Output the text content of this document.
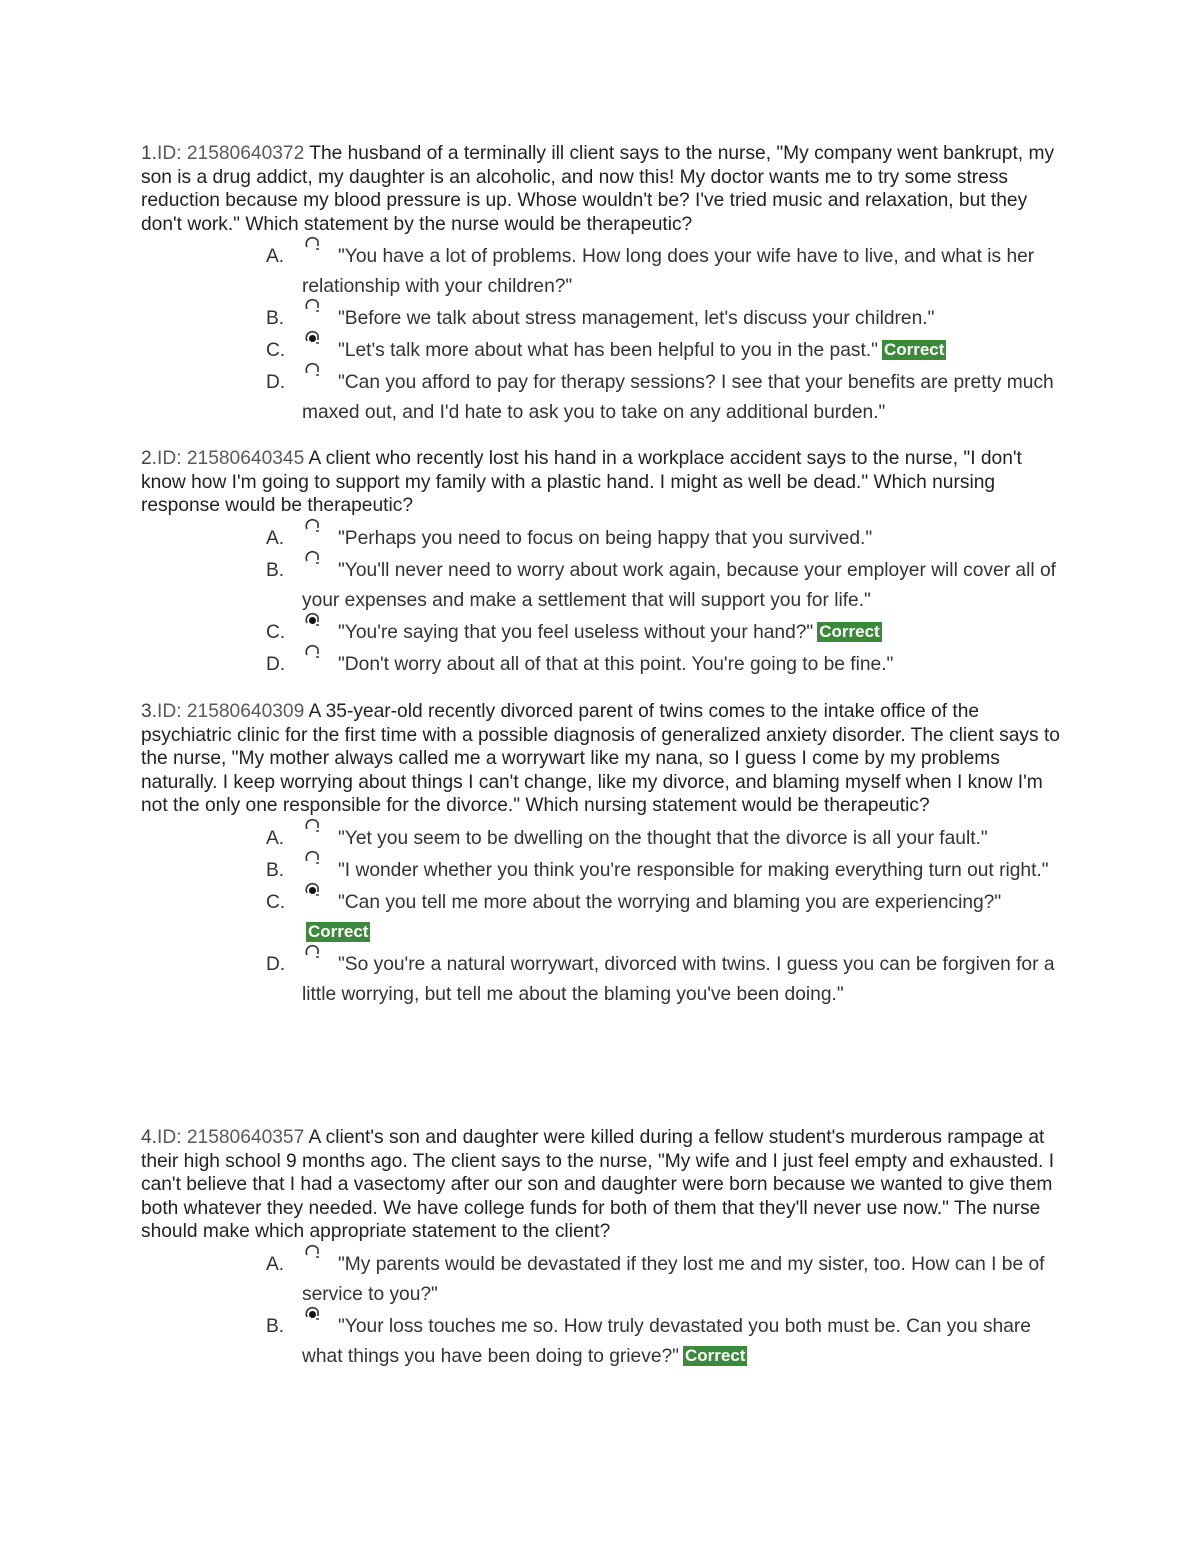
1.ID: 21580640372 The husband of a terminally ill client says to the nurse, "My company went bankrupt, my son is a drug addict, my daughter is an alcoholic, and now this! My doctor wants me to try some stress reduction because my blood pressure is up. Whose wouldn't be? I've tried music and relaxation, but they don't work." Which statement by the nurse would be therapeutic?
A.	"You have a lot of problems. How long does your wife have to live, and what is her relationship with your children?"
B.	"Before we talk about stress management, let's discuss your children."
C.	"Let's talk more about what has been helpful to you in the past." Correct
D.	"Can you afford to pay for therapy sessions? I see that your benefits are pretty much maxed out, and I'd hate to ask you to take on any additional burden."
2.ID: 21580640345 A client who recently lost his hand in a workplace accident says to the nurse, "I don't know how I'm going to support my family with a plastic hand. I might as well be dead." Which nursing response would be therapeutic?
A.	"Perhaps you need to focus on being happy that you survived."
B.	"You'll never need to worry about work again, because your employer will cover all of your expenses and make a settlement that will support you for life."
C.	"You're saying that you feel useless without your hand?" Correct
D.	"Don't worry about all of that at this point. You're going to be fine."
3.ID: 21580640309 A 35-year-old recently divorced parent of twins comes to the intake office of the psychiatric clinic for the first time with a possible diagnosis of generalized anxiety disorder. The client says to the nurse, "My mother always called me a worrywart like my nana, so I guess I come by my problems naturally. I keep worrying about things I can't change, like my divorce, and blaming myself when I know I'm not the only one responsible for the divorce." Which nursing statement would be therapeutic?
A.	"Yet you seem to be dwelling on the thought that the divorce is all your fault."
B.	"I wonder whether you think you're responsible for making everything turn out right."
C.	"Can you tell me more about the worrying and blaming you are experiencing?"Correct
D.	"So you're a natural worrywart, divorced with twins. I guess you can be forgiven for a little worrying, but tell me about the blaming you've been doing."
4.ID: 21580640357 A client's son and daughter were killed during a fellow student's murderous rampage at their high school 9 months ago. The client says to the nurse, "My wife and I just feel empty and exhausted. I can't believe that I had a vasectomy after our son and daughter were born because we wanted to give them both whatever they needed. We have college funds for both of them that they'll never use now." The nurse should make which appropriate statement to the client?
A.	"My parents would be devastated if they lost me and my sister, too. How can I be of service to you?"
B.	"Your loss touches me so. How truly devastated you both must be. Can you share what things you have been doing to grieve?" Correct
